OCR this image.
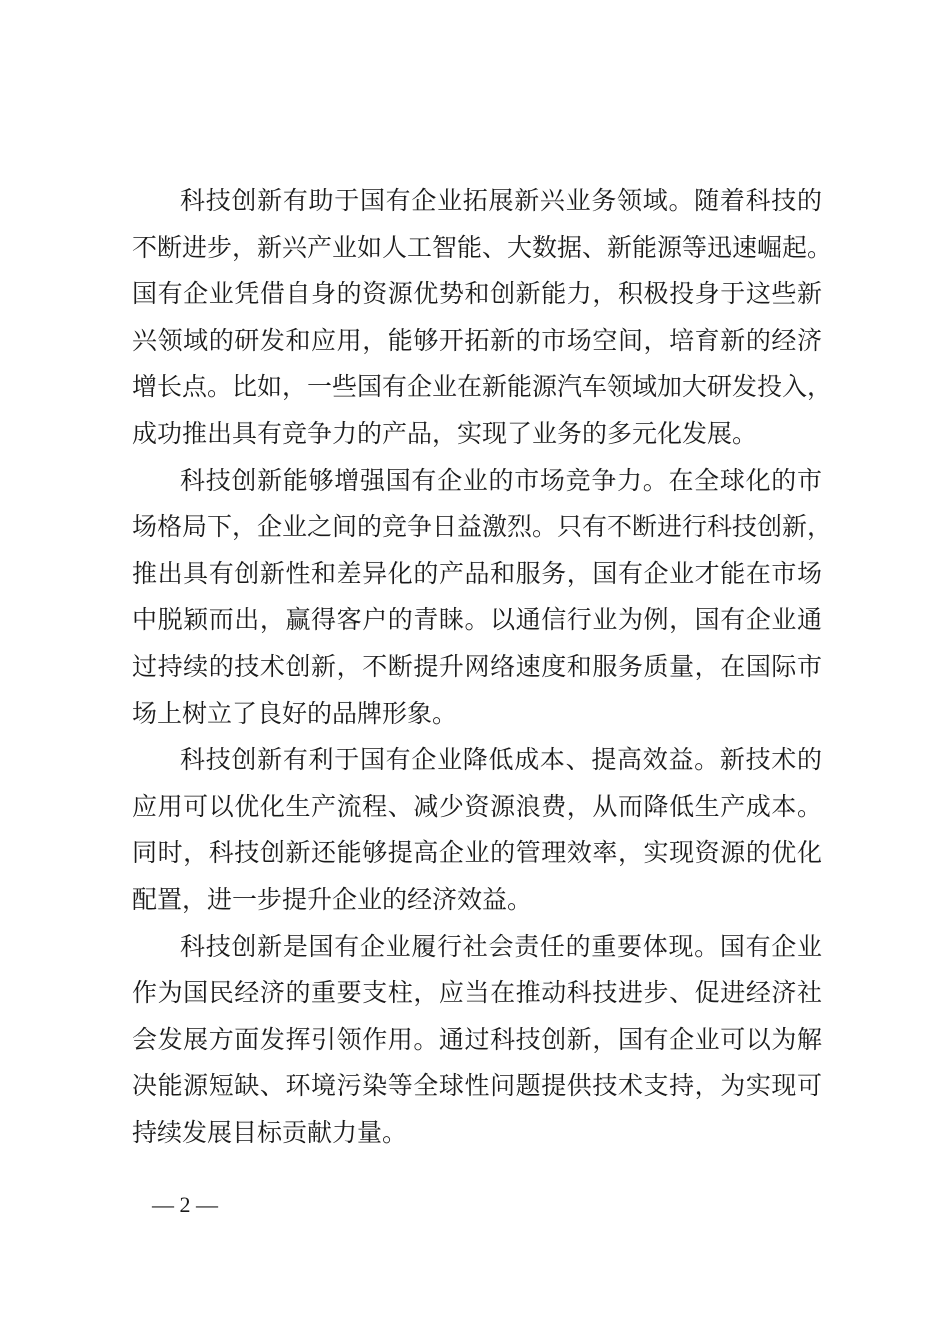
科技创新有助于国有企业拓展新兴业务领域。随着科技的
不断进步，新兴产业如人工智能、大数据、新能源等迅速崛起。
国有企业凭借自身的资源优势和创新能力，积极投身于这些新
兴领域的研发和应用，能够开拓新的市场空间，培育新的经济
增长点。比如，一些国有企业在新能源汽车领域加大研发投入，
成功推出具有竞争力的产品，实现了业务的多元化发展。
科技创新能够增强国有企业的市场竞争力。在全球化的市
场格局下，企业之间的竞争日益激烈。只有不断进行科技创新，
推出具有创新性和差异化的产品和服务，国有企业才能在市场
中脱颖而出，赢得客户的青睐。以通信行业为例，国有企业通
过持续的技术创新，不断提升网络速度和服务质量，在国际市
场上树立了良好的品牌形象。
科技创新有利于国有企业降低成本、提高效益。新技术的
应用可以优化生产流程、减少资源浪费，从而降低生产成本。
同时，科技创新还能够提高企业的管理效率，实现资源的优化
配置，进一步提升企业的经济效益。
科技创新是国有企业履行社会责任的重要体现。国有企业
作为国民经济的重要支柱，应当在推动科技进步、促进经济社
会发展方面发挥引领作用。通过科技创新，国有企业可以为解
决能源短缺、环境污染等全球性问题提供技术支持，为实现可
持续发展目标贡献力量。
— 2 —
